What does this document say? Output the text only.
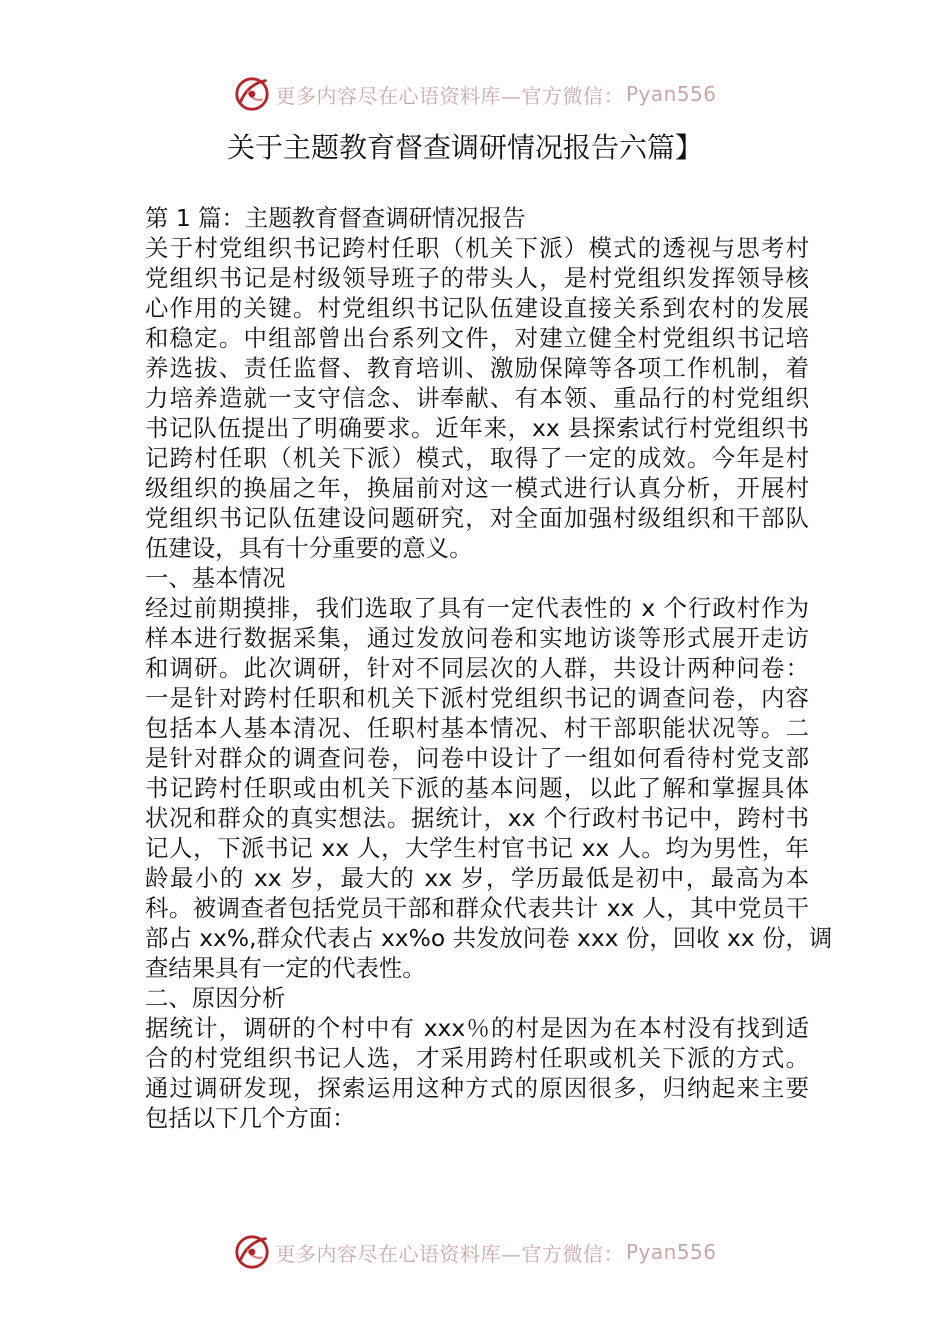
更多内容尽在心语资料库—官方微信： Pyan556
关于主题教育督查调研情况报告六篇】
第 1 篇：主题教育督查调研情况报告
关于村党组织书记跨村任职（机关下派）模式的透视与思考村
党组织书记是村级领导班子的带头人，是村党组织发挥领导核
心作用的关键。村党组织书记队伍建设直接关系到农村的发展
和稳定。中组部曾出台系列文件，对建立健全村党组织书记培
养选拔、责任监督、教育培训、激励保障等各项工作机制，着
力培养造就一支守信念、讲奉献、有本领、重品行的村党组织
书记队伍提出了明确要求。近年来，xx 县探索试行村党组织书
记跨村任职（机关下派）模式，取得了一定的成效。今年是村
级组织的换届之年，换届前对这一模式进行认真分析，开展村
党组织书记队伍建设问题研究，对全面加强村级组织和干部队
伍建设，具有十分重要的意义。
一、基本情况
经过前期摸排，我们选取了具有一定代表性的 x 个行政村作为
样本进行数据采集，通过发放问卷和实地访谈等形式展开走访
和调研。此次调研，针对不同层次的人群，共设计两种问卷：
一是针对跨村任职和机关下派村党组织书记的调查问卷，内容
包括本人基本清况、任职村基本情况、村干部职能状况等。二
是针对群众的调查问卷，问卷中设计了一组如何看待村党支部
书记跨村任职或由机关下派的基本问题，以此了解和掌握具体
状况和群众的真实想法。据统计，xx 个行政村书记中，跨村书
记人，下派书记 xx 人，大学生村官书记 xx 人。均为男性，年
龄最小的 xx 岁，最大的 xx 岁，学历最低是初中，最高为本
科。被调查者包括党员干部和群众代表共计 xx 人，其中党员干
部占 xx%,群众代表占 xx%o 共发放问卷 xxx 份，回收 xx 份，调
查结果具有一定的代表性。
二、原因分析
据统计，调研的个村中有 xxx％的村是因为在本村没有找到适
合的村党组织书记人选，才采用跨村任职或机关下派的方式。
通过调研发现，探索运用这种方式的原因很多，归纳起来主要
包括以下几个方面：
更多内容尽在心语资料库—官方微信： Pyan556
